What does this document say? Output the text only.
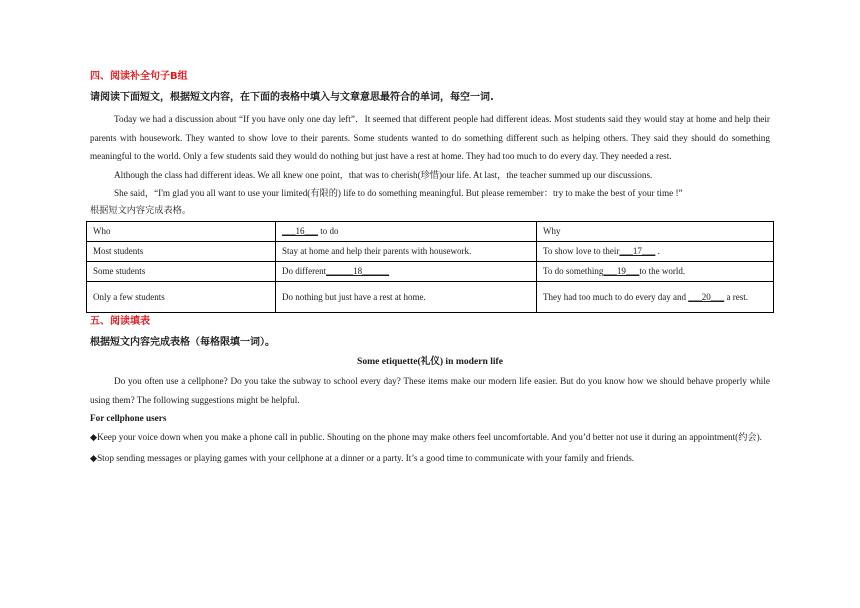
四、阅读补全句子B组

请阅读下面短文，根据短文内容，在下面的表格中填入与文章意思最符合的单词，每空一词.

Today we had a discussion about “If you have only one day left”．It seemed that different people had different ideas. Most students said they would stay at home and help their parents with housework. They wanted to show love to their parents. Some students wanted to do something different such as helping others. They said they should do something meaningful to the world. Only a few students said they would do nothing but just have a rest at home. They had too much to do every day. They needed a rest.

Although the class had different ideas. We all knew one point，that was to cherish(珍惜)our life. At last，the teacher summed up our discussions.

She said，“I'm glad you all want to use your limited(有限的) life to do something meaningful. But please remember：try to make the best of your time !”

根据短文内容完成表格。

Who	___16___ to do	Why
Most students	Stay at home and help their parents with housework.	To show love to their___17___ .
Some students	Do different______18______	To do something___19___to the world.
Only a few students	Do nothing but just have a rest at home.	They had too much to do every day and ___20___ a rest.

五、阅读填表

根据短文内容完成表格（每格限填一词）。

Some etiquette(礼仪) in modern life

Do you often use a cellphone? Do you take the subway to school every day? These items make our modern life easier. But do you know how we should behave properly while using them? The following suggestions might be helpful.

For cellphone users

◆Keep your voice down when you make a phone call in public. Shouting on the phone may make others feel uncomfortable. And you’d better not use it during an appointment(约会).

◆Stop sending messages or playing games with your cellphone at a dinner or a party. It’s a good time to communicate with your family and friends.
